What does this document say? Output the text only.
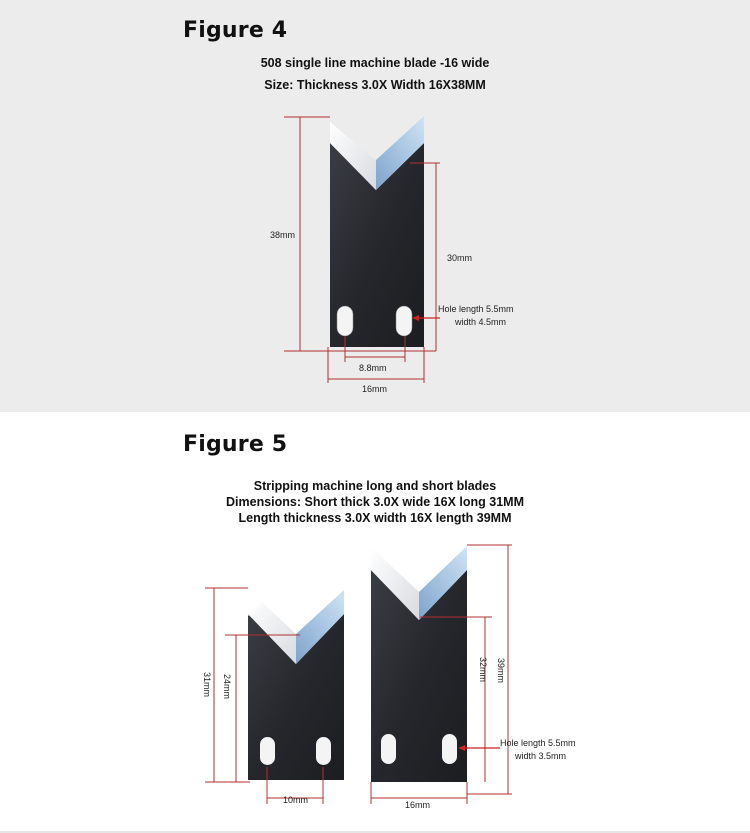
Figure 4
508 single line machine blade -16 wide
Size: Thickness 3.0X Width 16X38MM
38mm
30mm
Hole length 5.5mm
width 4.5mm
8.8mm
16mm
Figure 5
Stripping machine long and short blades
Dimensions: Short thick 3.0X wide 16X long 31MM
Length thickness 3.0X width 16X length 39MM
31mm 24mm
10mm
39mm
32mm
Hole length 5.5mm
width 3.5mm
16mm
